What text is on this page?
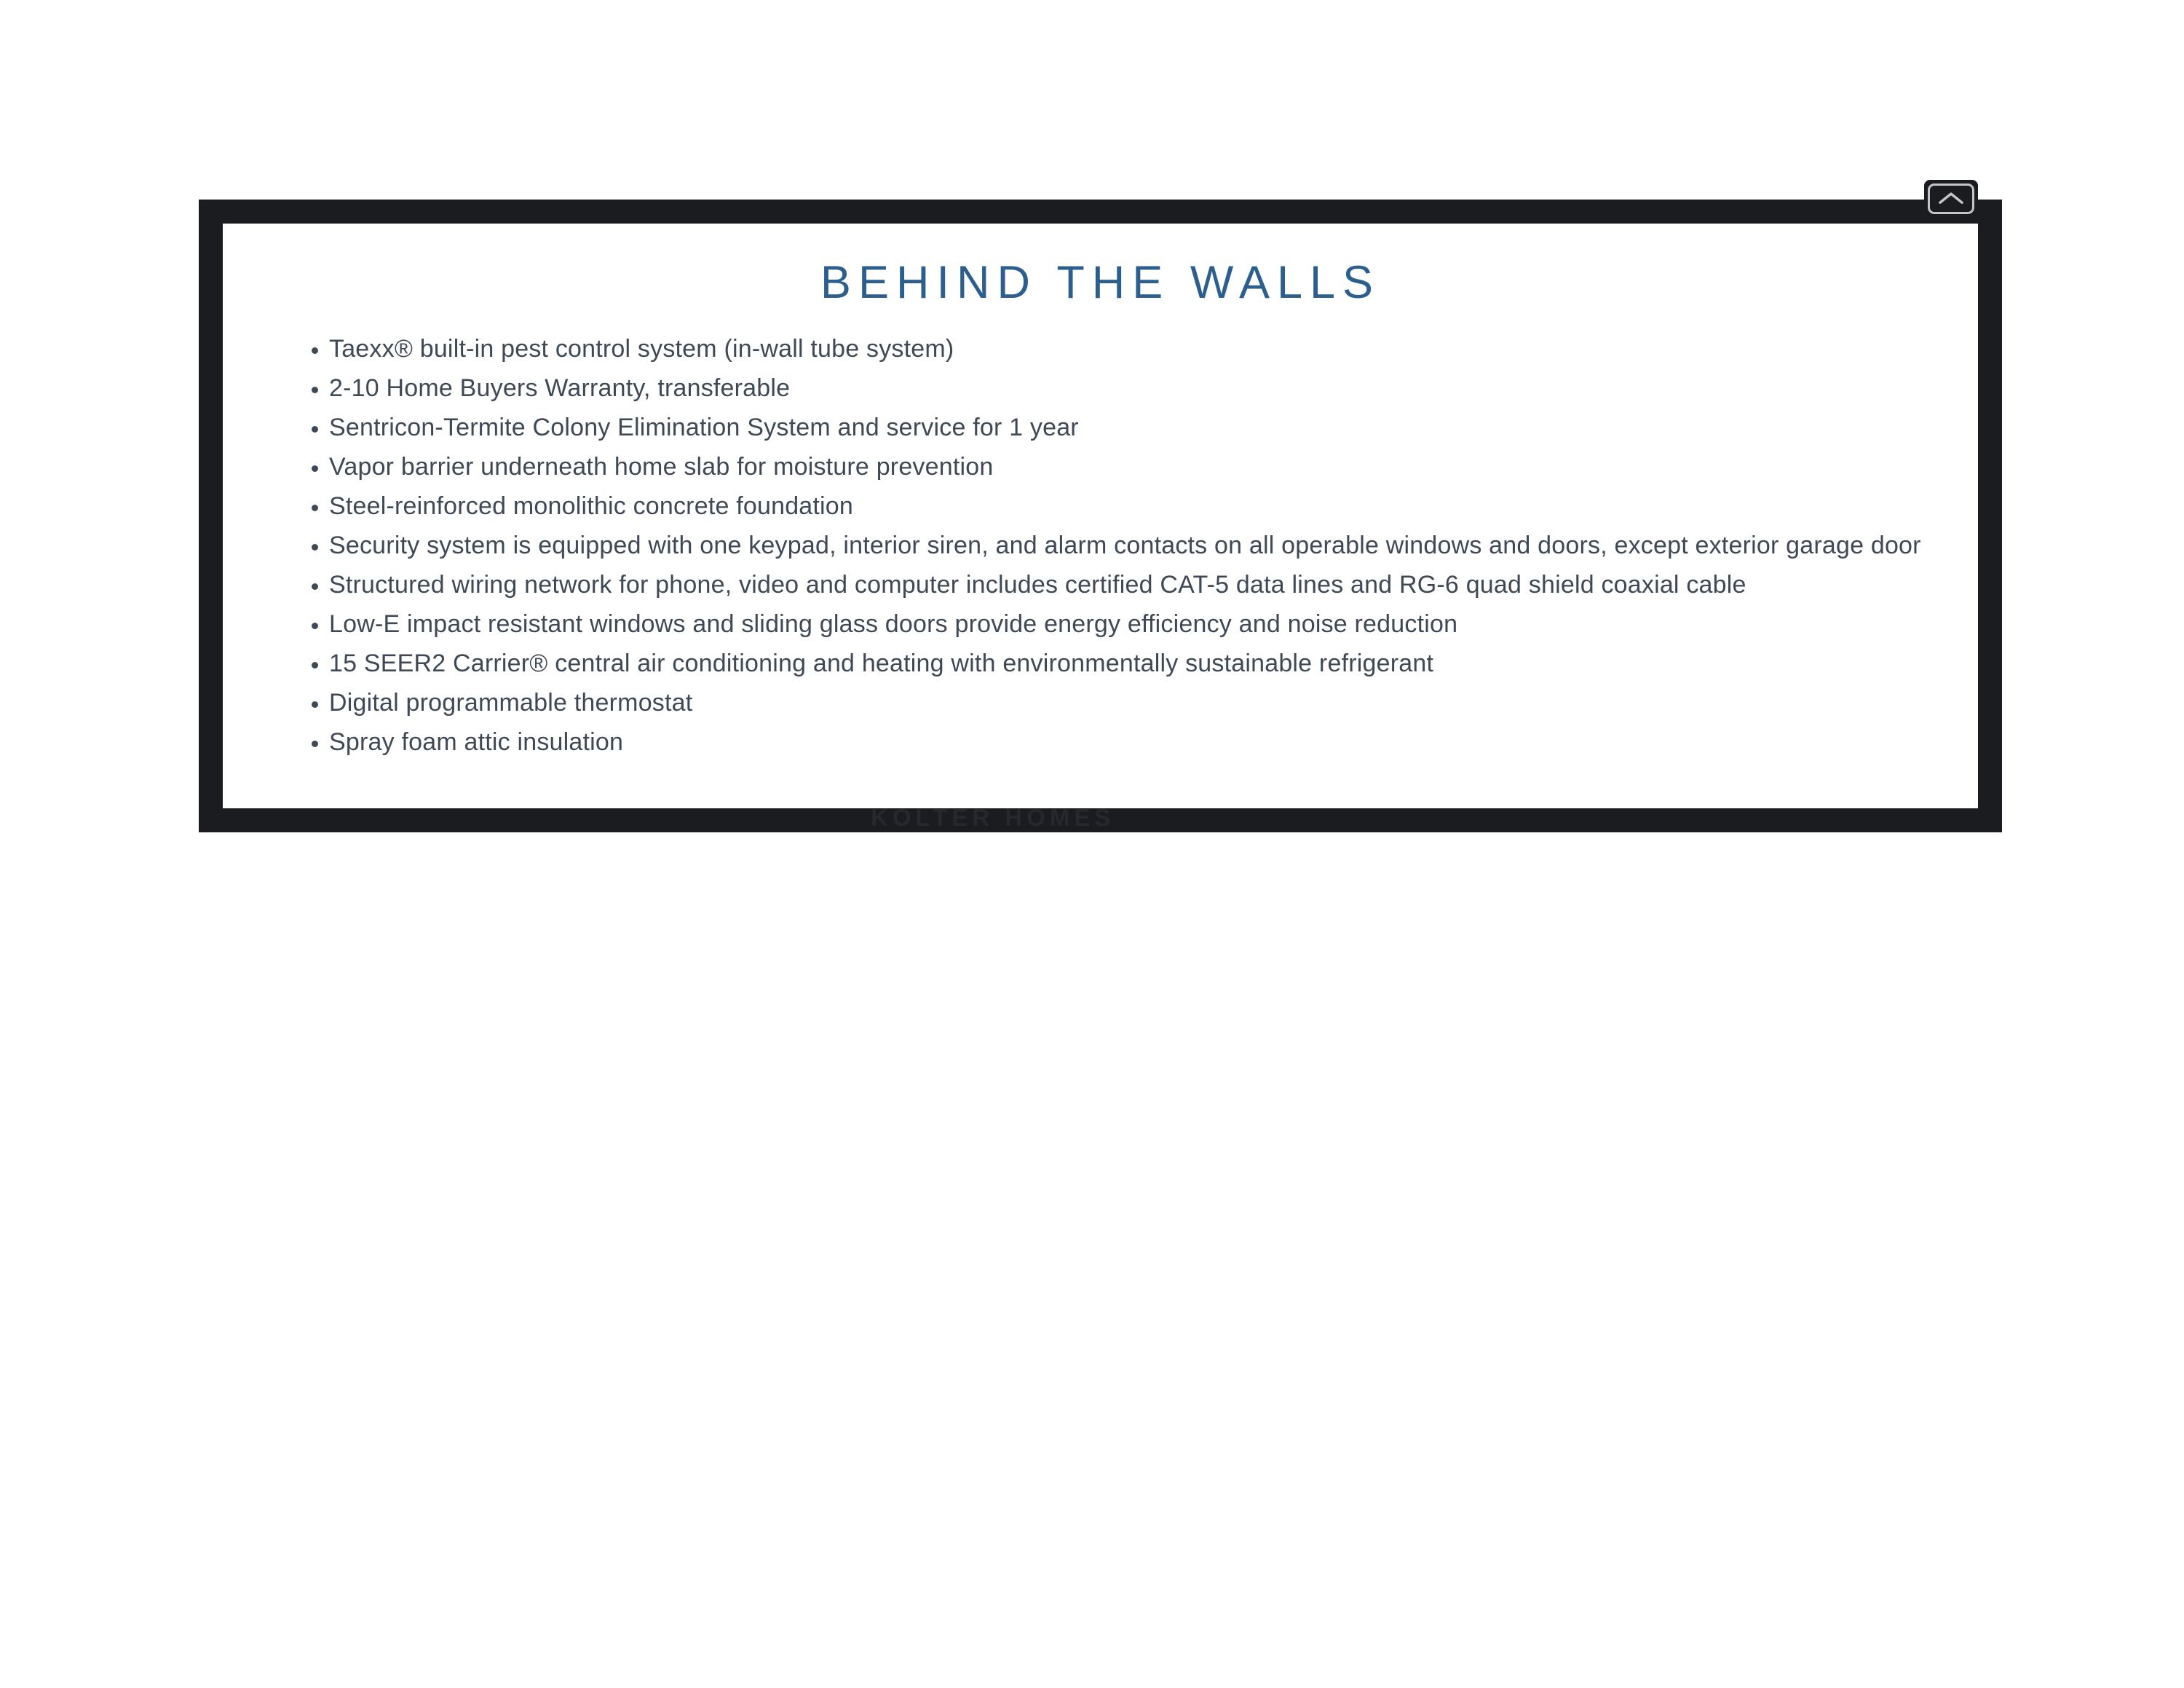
BEHIND THE WALLS
• Taexx® built-in pest control system (in-wall tube system)
• 2-10 Home Buyers Warranty, transferable
• Sentricon-Termite Colony Elimination System and service for 1 year
• Vapor barrier underneath home slab for moisture prevention
• Steel-reinforced monolithic concrete foundation
• Security system is equipped with one keypad, interior siren, and alarm contacts on all operable windows and doors, except exterior garage door
• Structured wiring network for phone, video and computer includes certified CAT-5 data lines and RG-6 quad shield coaxial cable
• Low-E impact resistant windows and sliding glass doors provide energy efficiency and noise reduction
• 15 SEER2 Carrier® central air conditioning and heating with environmentally sustainable refrigerant
• Digital programmable thermostat
• Spray foam attic insulation
KOLTER HOMES
